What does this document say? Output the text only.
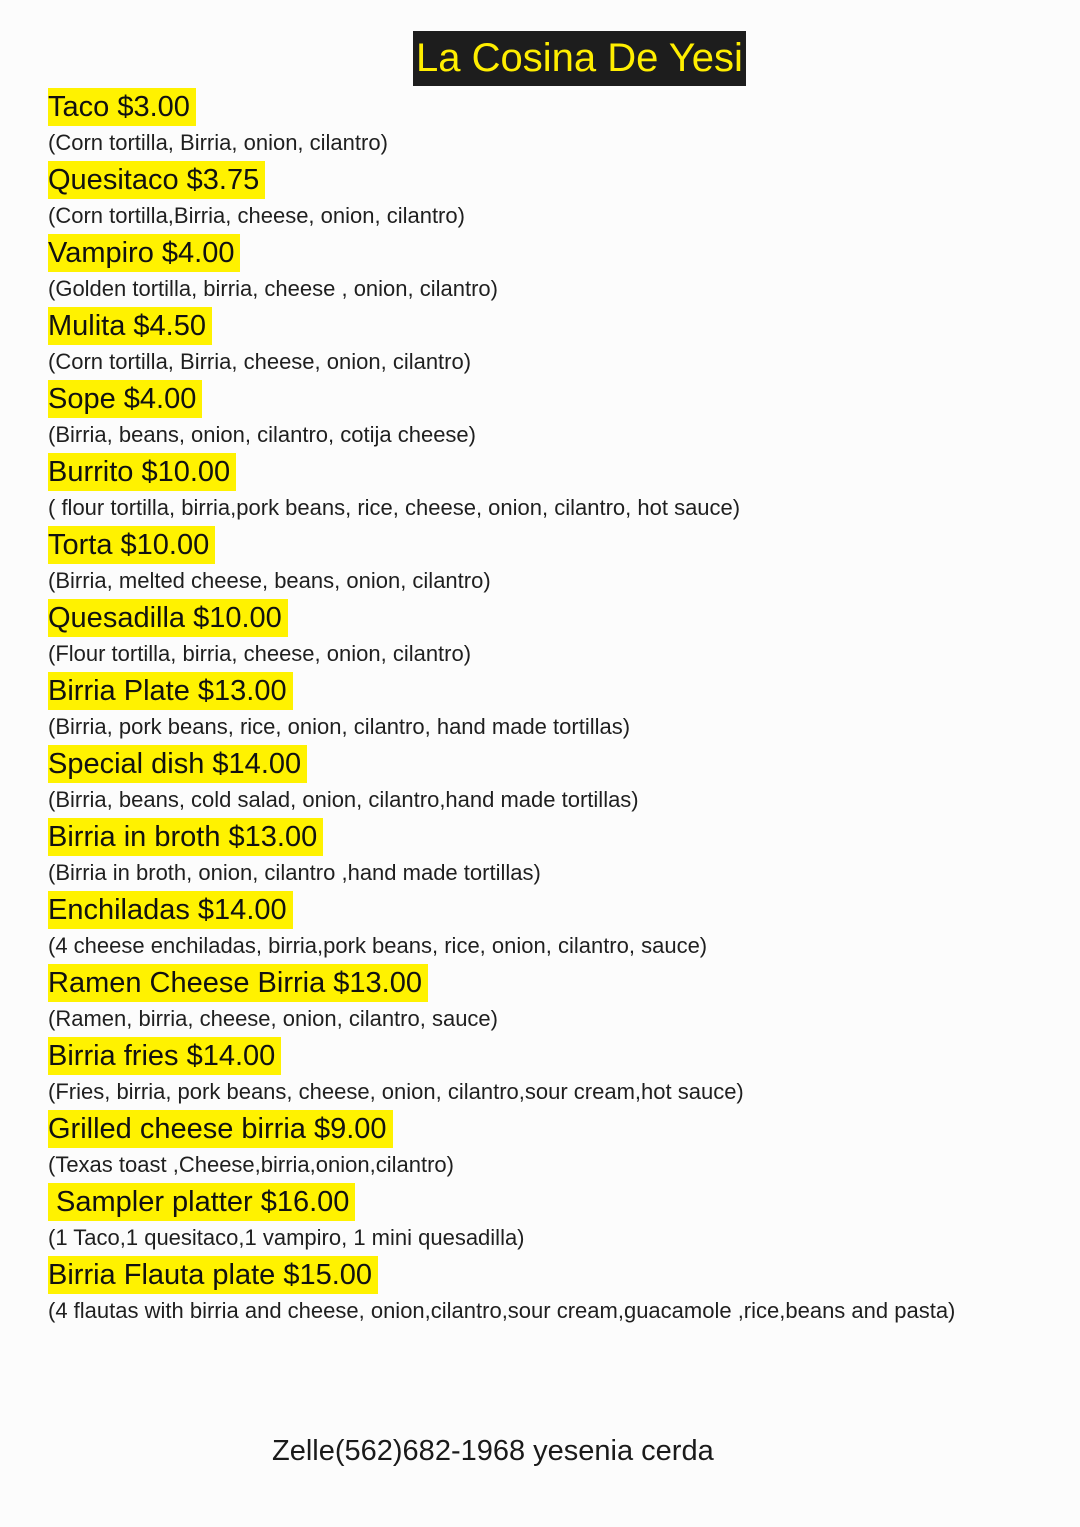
La Cosina De Yesi
Taco $3.00
(Corn tortilla, Birria, onion, cilantro)
Quesitaco $3.75
(Corn tortilla,Birria, cheese, onion, cilantro)
Vampiro $4.00
(Golden tortilla, birria, cheese , onion, cilantro)
Mulita $4.50
(Corn tortilla, Birria, cheese, onion, cilantro)
Sope $4.00
(Birria, beans, onion, cilantro, cotija cheese)
Burrito $10.00
( flour tortilla, birria,pork beans, rice, cheese, onion, cilantro, hot sauce)
Torta $10.00
(Birria, melted cheese, beans, onion, cilantro)
Quesadilla $10.00
(Flour tortilla, birria, cheese, onion, cilantro)
Birria Plate $13.00
(Birria, pork beans, rice, onion, cilantro, hand made tortillas)
Special dish $14.00
(Birria, beans, cold salad, onion, cilantro,hand made tortillas)
Birria in broth $13.00
(Birria in broth, onion, cilantro ,hand made tortillas)
Enchiladas $14.00
(4 cheese enchiladas, birria,pork beans, rice, onion, cilantro, sauce)
Ramen Cheese Birria $13.00
(Ramen, birria, cheese, onion, cilantro, sauce)
Birria fries $14.00
(Fries, birria, pork beans, cheese, onion, cilantro,sour cream,hot sauce)
Grilled cheese birria $9.00
(Texas toast ,Cheese,birria,onion,cilantro)
Sampler platter $16.00
(1 Taco,1 quesitaco,1 vampiro, 1 mini quesadilla)
Birria Flauta plate $15.00
(4 flautas with birria and cheese, onion,cilantro,sour cream,guacamole ,rice,beans and pasta)
Zelle(562)682-1968 yesenia cerda
